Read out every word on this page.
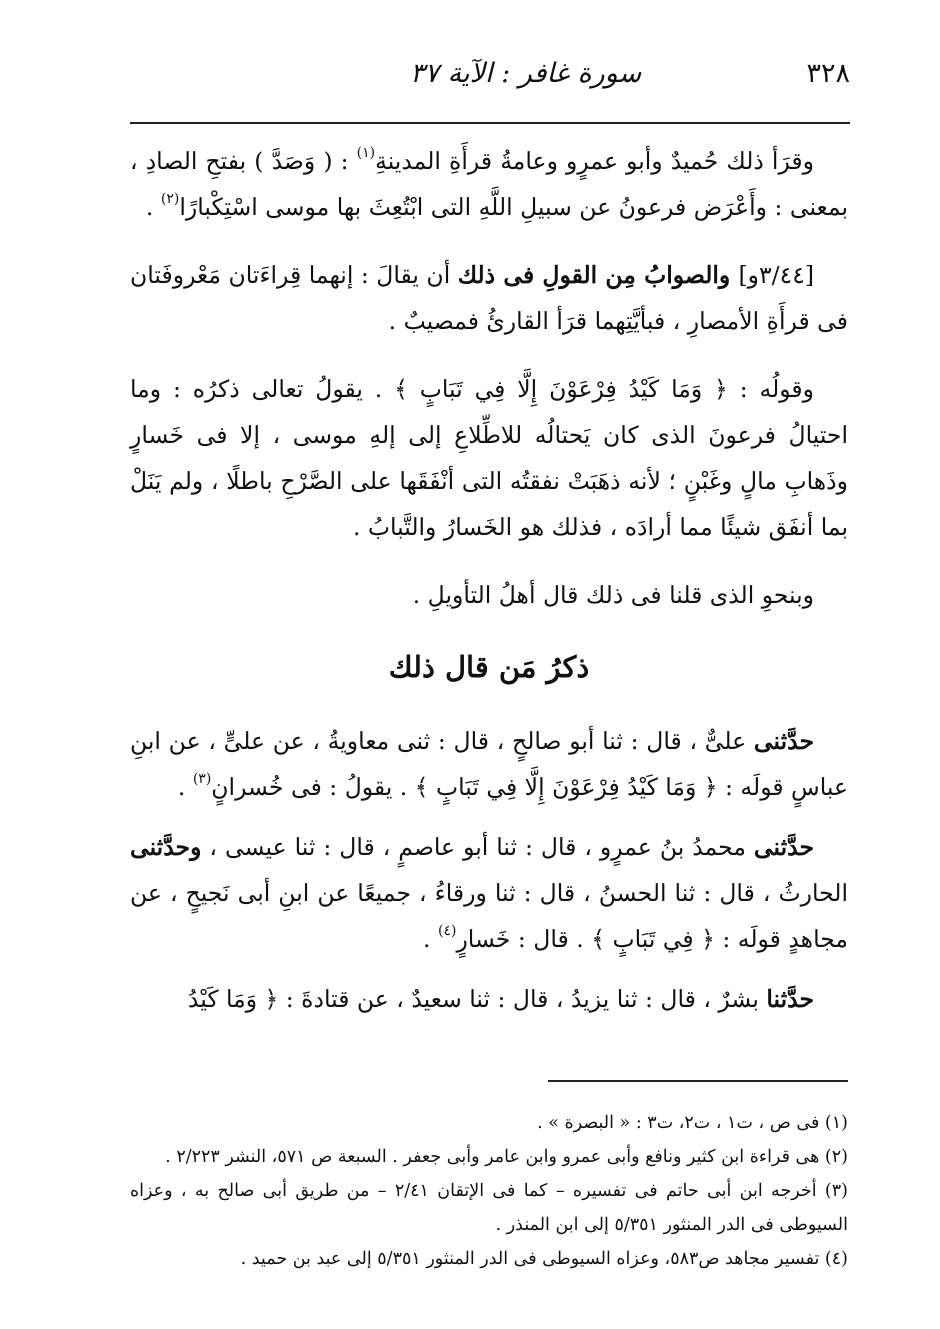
٣٢٨
سورة غافر : الآية ٣٧

وقرَأ ذلك حُميدٌ وأبو عمرٍو وعامةُ قرأَةِ المدينةِ$^{(١)}$ : ( وَصَدَّ ) بفتحِ الصادِ ، بمعنى : وأَعْرَض فرعونُ عن سبيلِ اللَّهِ التى ابْتُعِثَ بها موسى اسْتِكْبارًا$^{(٢)}$ .

[٣/٤٤و] والصوابُ مِن القولِ فى ذلك أن يقالَ : إنهما قِراءَتان مَعْروفَتان فى قرأَةِ الأمصارِ ، فبأيَّتِهما قرَأ القارئُ فمصيبٌ .

وقولُه : ﴿ وَمَا كَيْدُ فِرْعَوْنَ إِلَّا فِي تَبَابٍ ﴾ . يقولُ تعالى ذكرُه : وما احتيالُ فرعونَ الذى كان يَحتالُه للاطِّلاعِ إلى إلهِ موسى ، إلا فى خَسارٍ وذَهابِ مالٍ وغَبْنٍ ؛ لأنه ذهَبَتْ نفقتُه التى أنْفَقَها على الصَّرْحِ باطلًا ، ولم يَنَلْ بما أنفَق شيئًا مما أرادَه ، فذلك هو الخَسارُ والتَّبابُ .

وبنحوِ الذى قلنا فى ذلك قال أهلُ التأويلِ .

ذكرُ مَن قال ذلك

حدَّثنى علىٌّ ، قال : ثنا أبو صالحٍ ، قال : ثنى معاويةُ ، عن علىٍّ ، عن ابنِ عباسٍ قولَه : ﴿ وَمَا كَيْدُ فِرْعَوْنَ إِلَّا فِي تَبَابٍ ﴾ . يقولُ : فى خُسرانٍ$^{(٣)}$ .

حدَّثنى محمدُ بنُ عمرٍو ، قال : ثنا أبو عاصمٍ ، قال : ثنا عيسى ، وحدَّثنى الحارثُ ، قال : ثنا الحسنُ ، قال : ثنا ورقاءُ ، جميعًا عن ابنِ أبى نَجيحٍ ، عن مجاهدٍ قولَه : ﴿ فِي تَبَابٍ ﴾ . قال : خَسارٍ$^{(٤)}$ .

حدَّثنا بشرٌ ، قال : ثنا يزيدُ ، قال : ثنا سعيدٌ ، عن قتادةَ : ﴿ وَمَا كَيْدُ

(١) فى ص ، ت١ ، ت٢، ت٣ : « البصرة » .

(٢) هى قراءة ابن كثير ونافع وأبى عمرو وابن عامر وأبى جعفر . السبعة ص ٥٧١، النشر ٢/٢٢٣ .

(٣) أخرجه ابن أبى حاتم فى تفسيره – كما فى الإتقان ٢/٤١ – من طريق أبى صالح به ، وعزاه السيوطى فى الدر المنثور ٥/٣٥١ إلى ابن المنذر .

(٤) تفسير مجاهد ص٥٨٣، وعزاه السيوطى فى الدر المنثور ٥/٣٥١ إلى عبد بن حميد .
